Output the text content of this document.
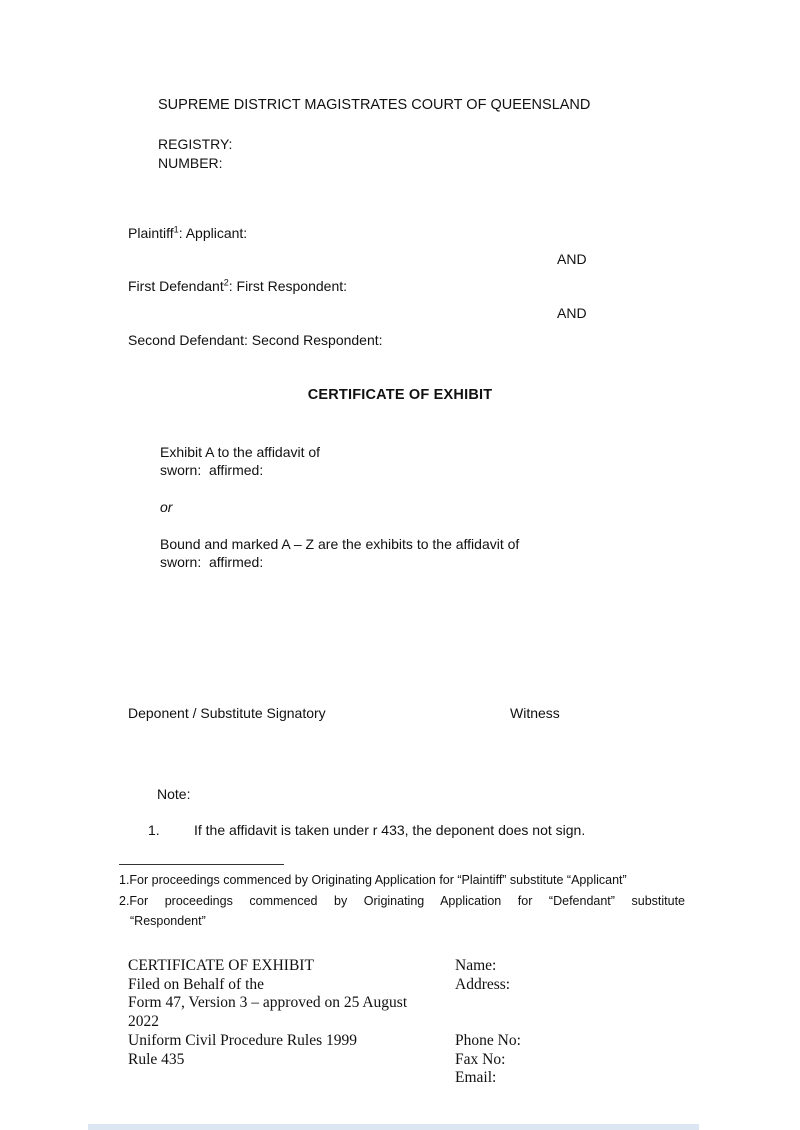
SUPREME DISTRICT MAGISTRATES COURT OF QUEENSLAND
REGISTRY:
NUMBER:
Plaintiff$^1$: Applicant:
AND
First Defendant$^2$: First Respondent:
AND
Second Defendant: Second Respondent:
CERTIFICATE OF EXHIBIT
Exhibit A to the affidavit of
sworn:  affirmed:
or
Bound and marked A – Z are the exhibits to the affidavit of
sworn:  affirmed:
Deponent / Substitute Signatory	Witness
Note:
1. If the affidavit is taken under r 433, the deponent does not sign.
1.For proceedings commenced by Originating Application for “Plaintiff” substitute “Applicant”
2.For proceedings commenced by Originating Application for “Defendant” substitute
“Respondent”
CERTIFICATE OF EXHIBIT
Filed on Behalf of the
Form 47, Version 3 – approved on 25 August
2022
Uniform Civil Procedure Rules 1999
Rule 435
Name:
Address:
Phone No:
Fax No:
Email:
